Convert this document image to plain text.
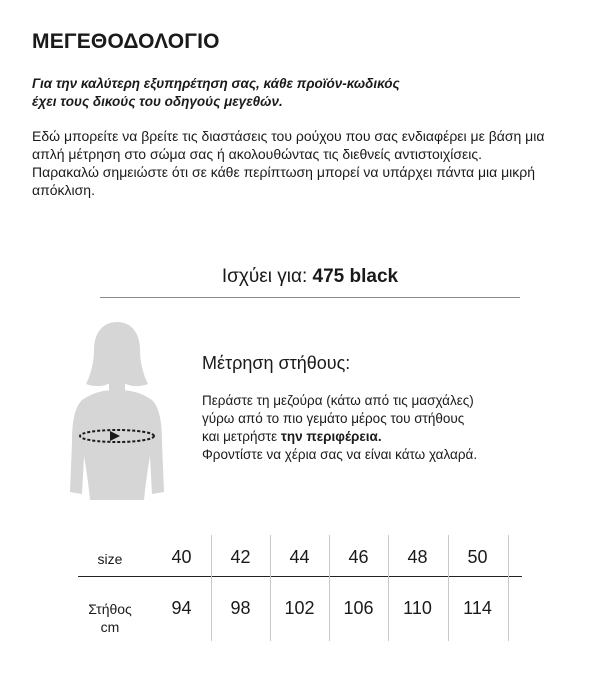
ΜΕΓΕΘΟΔΟΛΟΓΙΟ
Για την καλύτερη εξυπηρέτηση σας, κάθε προϊόν-κωδικός
έχει τους δικούς του οδηγούς μεγεθών.

Εδώ μπορείτε να βρείτε τις διαστάσεις του ρούχου που σας ενδιαφέρει με βάση μια απλή μέτρηση στο σώμα σας ή ακολουθώντας τις διεθνείς αντιστοιχίσεις.

Παρακαλώ σημειώστε ότι σε κάθε περίπτωση μπορεί να υπάρχει πάντα μια μικρή απόκλιση.

Ισχύει για: 475 black
Μέτρηση στήθους:
Περάστε τη μεζούρα (κάτω από τις μασχάλες)
γύρω από το πιο γεμάτο μέρος του στήθους
και μετρήστε την περιφέρεια.
Φροντίστε να χέρια σας να είναι κάτω χαλαρά.
size	40	42	44	46	48	50
Στήθος
cm
94	98	102	106	110	114
